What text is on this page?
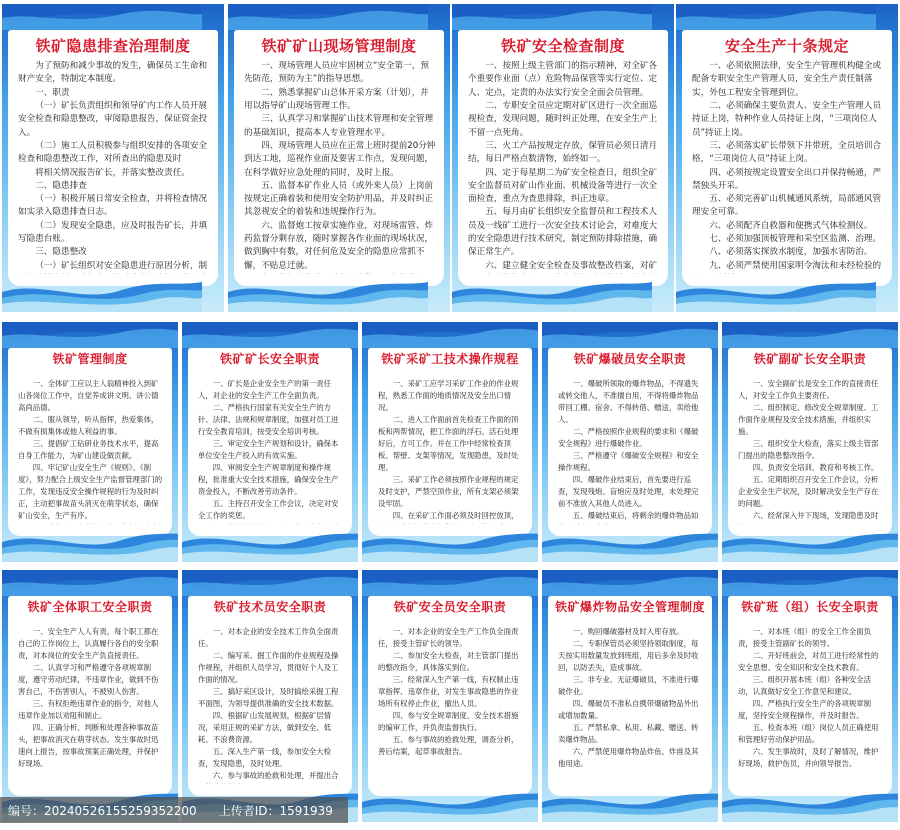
铁矿隐患排查治理制度

为了预防和减少事故的发生，确保员工生命和财产安全，特制定本制度。

一、职责

（一）矿长负责组织和领导矿内工作人员开展安全检查和隐患整改，审阅隐患报告，保证资金投入。

（二）施工人员积极参与组织安排的各项安全检查和隐患整改工作，对所查出的隐患及时

将相关情况报告矿长，并落实整改责任。

二、隐患排查

（一）积极开展日常安全检查，并将检查情况如实录入隐患排查日志。

（二）发现安全隐患，应及时报告矿长，并填写隐患台账。

三、隐患整改

（一）矿长组织对安全隐患进行原因分析，制

铁矿矿山现场管理制度

一、现场管理人员应牢固树立“安全第一，预先防范，预防为主”的指导思想。

二、熟悉掌握矿山总体开采方案（计划），并用以指导矿山现场管理工作。

三、认真学习和掌握矿山技术管理和安全管理的基础知识，提高本人专业管理水平。

四、现场管理人员应在正常上班时提前20分钟到达工地，巡视作业面及要害工作点，发现问题，在科学做好应急处理的同时，及时上报。

五、监督本矿作业人员（或外来人员）上岗前按规定正确着装和使用安全防护用品，并及时纠正其忽视安全的着装和违规操作行为。

六、监督炮工按章实施作业，对现场雷管、炸药监督分剩存放，随时掌握各作业面的现场状况，做到胸中有数，对任何危及安全的隐患应常抓不懈，不贴息迁就。

铁矿安全检查制度

一、按照上级主管部门的指示精神，对全矿各个重要作业面（点）危险物品保管等实行定位、定人、定点，定责的办法实行安全全面会员管理。

二、专职安全员应定期对矿区进行一次全面巡视检查，发现问题，随时纠正处理，在安全生产上不留一点死角。

三、火工产品按规定存放，保管员必须日清月结，每日严格点数清物，始终如一。

四、定于每星期二为矿安全检查日，组织全矿安全监督员对矿山作业面、机械设备等进行一次全面检查，重点为查患排除，纠正违章。

五、每月由矿长组织安全监督员和工程技术人员及一线矿工进行一次安全技术讨论会，对难度大的安全隐患进行技术研究，制定预防排除措施，确保正常生产。

六、建立健全安全检查及事故整改档案，对矿

安全生产十条规定

一、必须依照法律，安全生产管理机构健全或配备专职安全生产管理人员，安全生产责任制落实，外包工程安全管理到位。

二、必须确保主要负责人、安全生产管理人员持证上岗，特种作业人员持证上岗，“三项岗位人员”持证上岗。

三、必须落实矿长带领下井带班，全员培训合格，“三项岗位人员”持证上岗。

四、必须按规定设置安全出口并保持畅通，严禁独头开采。

五、必须完善矿山机械通风系统，局部通风管理安全可靠。

六、必须配齐自救器和便携式气体检测仪。

七、必须加强顶板管理和采空区监测、治理。

八、必须落实探放水制度，加强水害防治。

九、必须严禁使用国家明令淘汰和未经检验的

铁矿管理制度

一、全体矿工应以主人翁精神投入到矿山各岗位工作中，自觉养成讲文明、讲公德高尚品德。

二、服从领导，听从指挥，热爱集体，不做有损集体或他人利益的事。

三、提倡矿工钻研业务技术水平，提高自身工作能力，为矿山建设做贡献。

四、牢记矿山安全生产《规则》、《制度》，努力配合上级安全生产监督管理部门的工作，发现违反安全操作规程的行为及时纠正，主动把事故苗头消灭在萌芽状态，确保矿山安全，生产有序。

铁矿矿长安全职责

一、矿长是企业安全生产的第一责任人，对企业的安全生产工作全面负责。

二、严格执行国家有关安全生产的方针、法律、法规和规章制度，加强对员工进行安全教育培训，按受安全培训考核。

三、审定安全生产规划和设计，确保本单位安全生产投入的有效实施。

四、审阅安全生产规章制度和操作规程，批准重大安全技术措施，确保安全生产资金投入，不断改善劳动条件。

五、主持召开安全工作会议，决定对安全工作的奖惩。

铁矿采矿工技术操作规程

一、采矿工应学习采矿工作业的作业规程，熟悉工作面的地质情况及安全出口情况。

二、进入工作面前首先检查工作面的顶板和两帮情况，把工作面的浮石、活石处理好后，方可工作。并在工作中经常检查顶板、帮壁、支架等情况，发现隐患，及时处理。

三、采矿工作必须按照作业规程的规定及时支护，严禁空顶作业，所有支架必须架设牢固。

四、在采矿工作面必须及时回控放顶，

铁矿爆破员安全职责

一、爆破所领取的爆炸物品，不得遗失或转交他人，不准擅自用，不得将爆炸物品带回工棚、宿舍、不得转借、赠送，卖给他人。

二、严格按照作业规程的要求和《爆破安全规程》进行爆破作业。

三、严格遵守《爆破安全规程》和安全操作规程。

四、爆破作业结束后，首先要进行巡查，发现残炮、盲炮应及时处理，未处理完前不准放入其他人员进入。

五、爆破结束后，将剩余的爆炸物品如

铁矿副矿长安全职责

一、安全副矿长是安全工作的直接责任人，对安全工作负主要责任。

二、组织制定、修改安全规章制度、工作面作业规程及安全技术措施，并组织实施。

三、组织安全大检查，落实上级主管部门提出的隐患整改指令。

四、负责安全培训、教育和考核工作。

五、定期组织召开安全工作会议，分析企业安全生产状况，及时解决安全生产存在的问题。

六、经常深入井下现场，发现隐患及时

铁矿全体职工安全职责

一、安全生产人人有责，每个职工都在自己的工作岗位上，认真履行各自的安全职责，对本岗位的安全生产负直接责任。

二、认真学习和严格遵守各项规章制度，遵守劳动纪律，不违章作业，做到不伤害自己，不伤害别人，不被别人伤害。

三、有权拒绝违章作业的指令，对他人违章作业加以劝阻和制止。

四、正确分析、判断和处理各种事故苗头，把事故消灭在萌芽状态。发生事故时迅速向上报告，按事故预案正确处理，并保护好现场。

铁矿技术员安全职责

一、对本企业的安全技术工作负全面责任。

二、编写采、掘工作面的作业规程及操作规程，并组织人员学习，贯彻好个人及工作面的情况。

三、搞好采区设计，及时搞绘采掘工程平面图，为领导提供准确的安全技术数据。

四、根据矿山发展规划，根据矿层情况，采用正规的采矿方法，做到安全、低耗、不浪费资源。

五、深入生产第一线，参加安全大检查，发现隐患，及时处理。

六、参与事故的抢救和处理，并提出合

铁矿安全员安全职责

一、对本企业的安全生产工作负全面责任，接受主管矿长的领导。

二、参加安全大检查，对主管部门提出的整改指令，具体落实到位。

三、经常深入生产第一线，有权制止违章指挥、违章作业，对发生事故隐患的作业场所有权停止作业，撤出人员。

四、参与安全规章制度、安全技术措施的编审工作，并负责监督执行。

五、参与事故的抢救处理，调查分析，善后结案，起草事故报告。

铁矿爆炸物品安全管理制度

一、购回爆破器材及时入库存放。

二、专职保管员必须坚持领取制度，每天按实用数量发放到班组，用后多余及时收回，以防丢失，造成事故。

三、非专业、无证爆破员，不准进行爆破作业。

四、爆破员不准私自携带爆破物品外出或增加数量。

五、严禁私拿、私用、私藏、赠送、转卖爆炸物品。

六、严禁使用爆炸物品炸鱼、炸兽及其他用途。

铁矿班（组）长安全职责

一、对本班（组）的安全工作全面负责，接受主管副矿长的领导。

二、开好班前会，对员工进行经常性的安全思想、安全知识和安全技术教育。

三、组织开展本班（组）各种安全活动，认真做好安全工作意见和建议。

四、严格执行安全生产的各项规章制度，坚持安全规程操作，并及时报告。

五、检查本班（组）岗位人员正确使用和管理好劳动保护用品。

六、发生事故时，及时了解情况，维护好现场，救护伤员，并向领导报告。

编号：20240526155259352200 上传者ID：1591939
